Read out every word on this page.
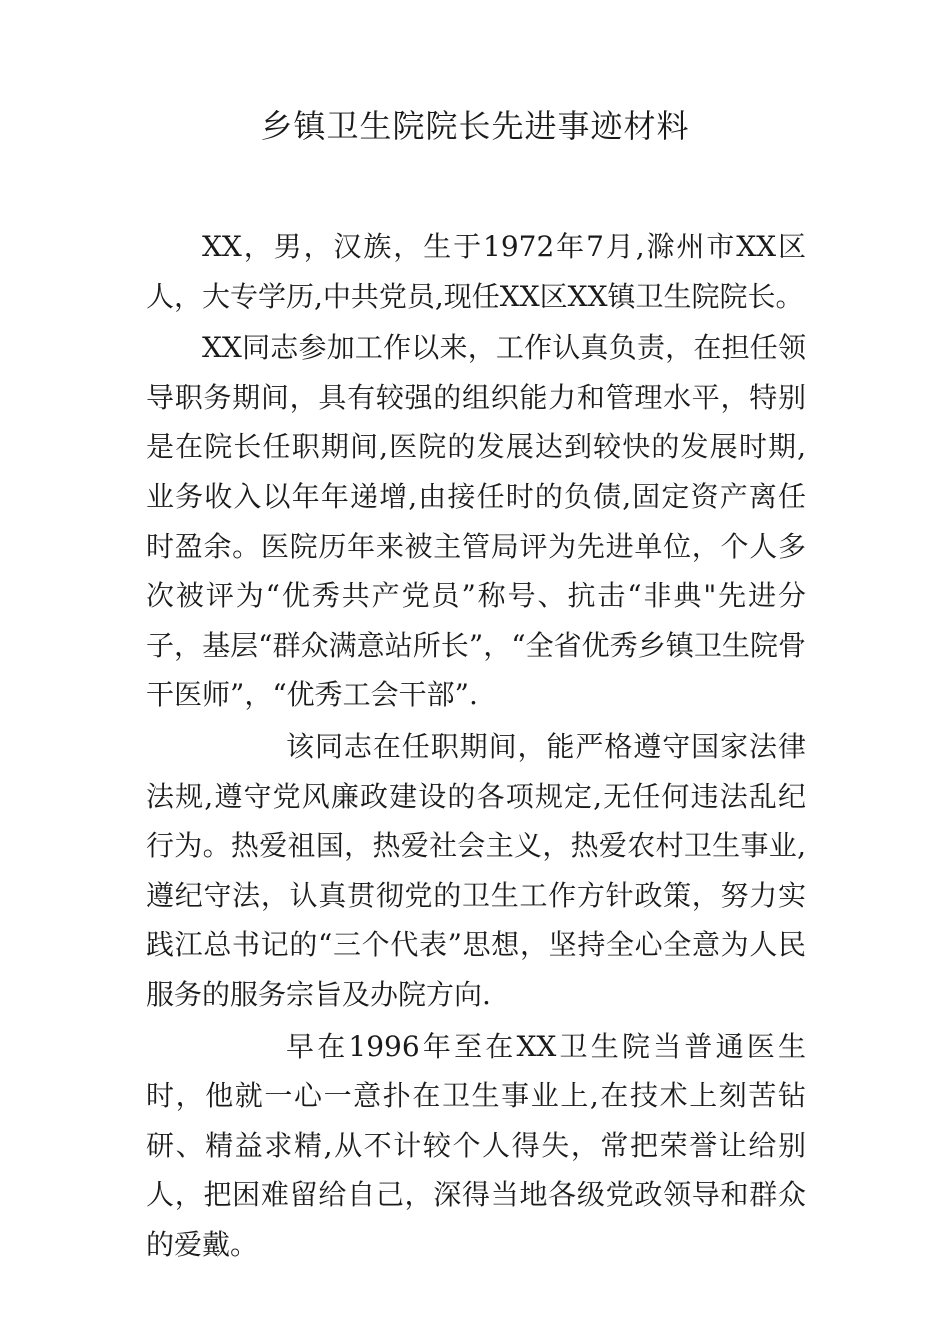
乡镇卫生院院长先进事迹材料

XX，男，汉族，生于1972年7月,滁州市XX区人，大专学历,中共党员,现任XX区XX镇卫生院院长。

XX同志参加工作以来，工作认真负责，在担任领导职务期间，具有较强的组织能力和管理水平，特别是在院长任职期间,医院的发展达到较快的发展时期,业务收入以年年递增,由接任时的负债,固定资产离任时盈余。医院历年来被主管局评为先进单位，个人多次被评为“优秀共产党员”称号、抗击“非典"先进分子，基层“群众满意站所长”，“全省优秀乡镇卫生院骨干医师”，“优秀工会干部”.

该同志在任职期间，能严格遵守国家法律法规,遵守党风廉政建设的各项规定,无任何违法乱纪行为。热爱祖国，热爱社会主义，热爱农村卫生事业,遵纪守法，认真贯彻党的卫生工作方针政策，努力实践江总书记的“三个代表”思想，坚持全心全意为人民服务的服务宗旨及办院方向.

早在1996年至在XX卫生院当普通医生时，他就一心一意扑在卫生事业上,在技术上刻苦钻研、精益求精,从不计较个人得失，常把荣誉让给别人，把困难留给自己，深得当地各级党政领导和群众的爱戴。
